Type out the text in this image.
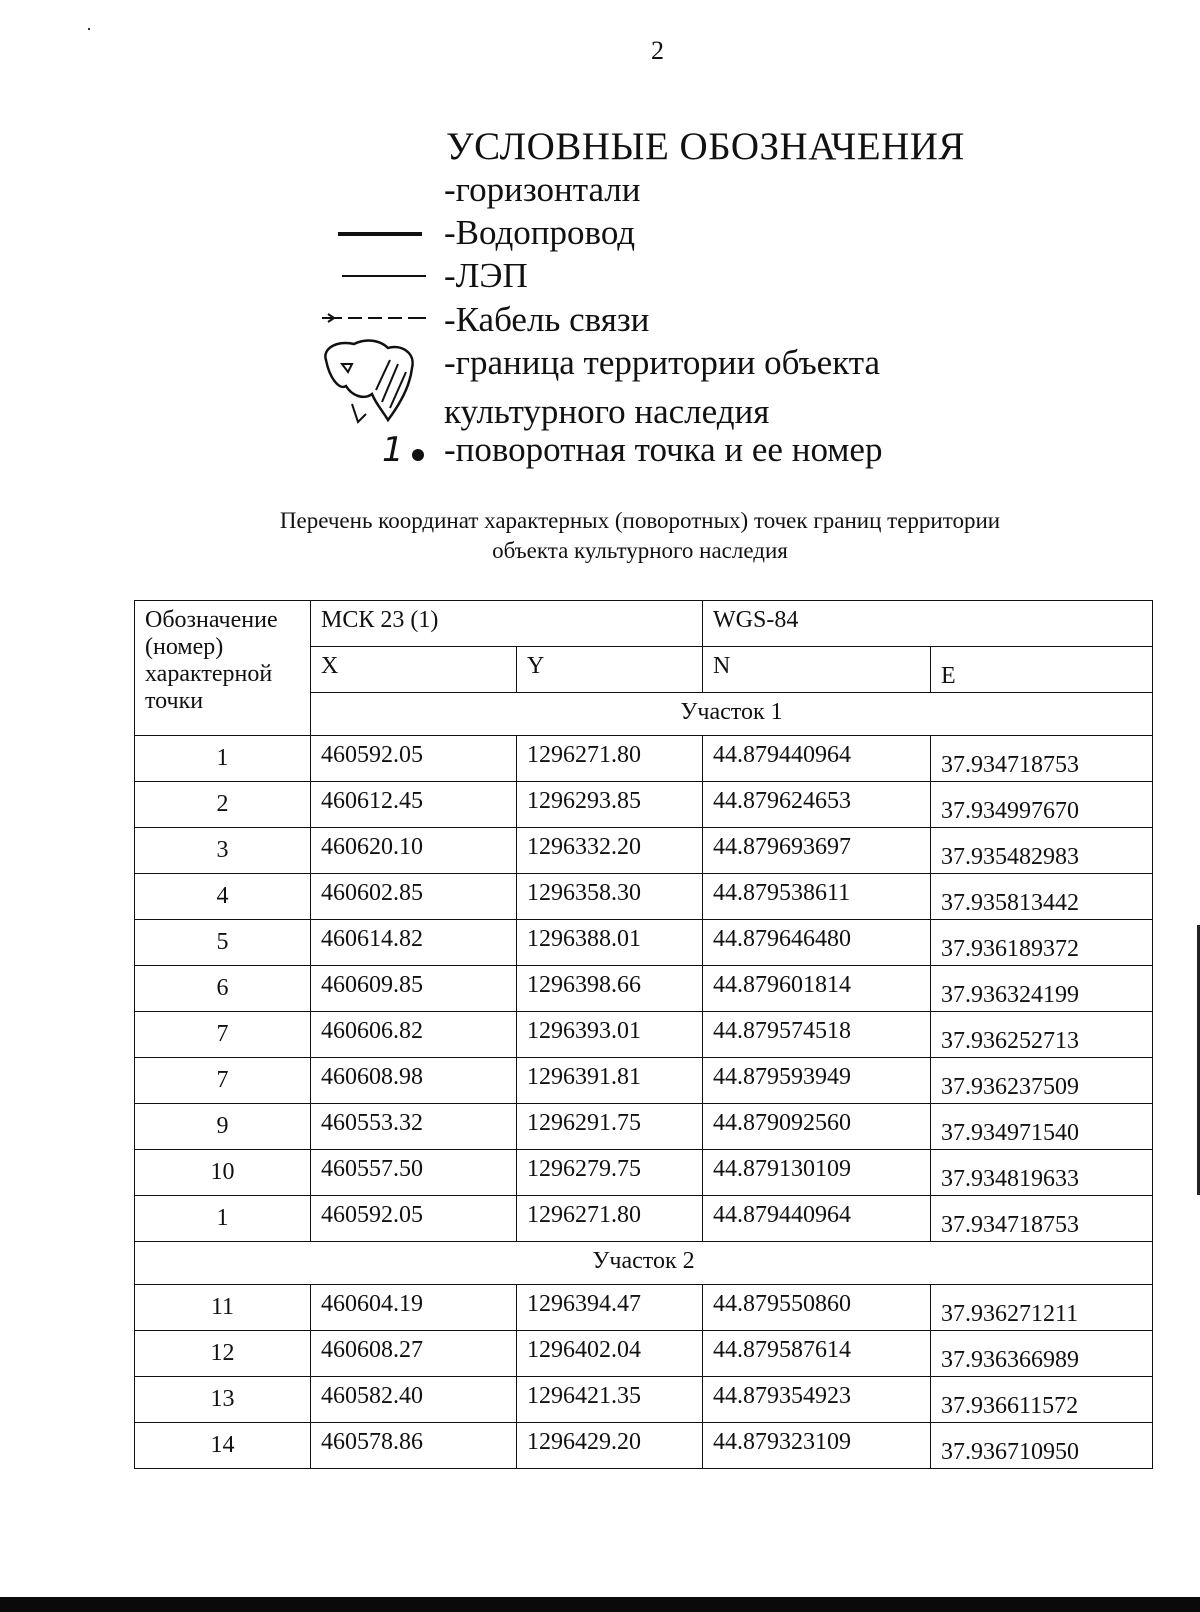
2
УСЛОВНЫЕ ОБОЗНАЧЕНИЯ
-горизонтали
-Водопровод
-ЛЭП
-Кабель связи
-граница территории объекта
культурного наследия
1 -поворотная точка и ее номер
Перечень координат характерных (поворотных) точек границ территории
объекта культурного наследия
Обозначение (номер) характерной точки	МСК 23 (1)		WGS-84	
	X	Y	N	E
	Участок 1			
1	460592.05	1296271.80	44.879440964	37.934718753
2	460612.45	1296293.85	44.879624653	37.934997670
3	460620.10	1296332.20	44.879693697	37.935482983
4	460602.85	1296358.30	44.879538611	37.935813442
5	460614.82	1296388.01	44.879646480	37.936189372
6	460609.85	1296398.66	44.879601814	37.936324199
7	460606.82	1296393.01	44.879574518	37.936252713
7	460608.98	1296391.81	44.879593949	37.936237509
9	460553.32	1296291.75	44.879092560	37.934971540
10	460557.50	1296279.75	44.879130109	37.934819633
1	460592.05	1296271.80	44.879440964	37.934718753
Участок 2				
11	460604.19	1296394.47	44.879550860	37.936271211
12	460608.27	1296402.04	44.879587614	37.936366989
13	460582.40	1296421.35	44.879354923	37.936611572
14	460578.86	1296429.20	44.879323109	37.936710950
